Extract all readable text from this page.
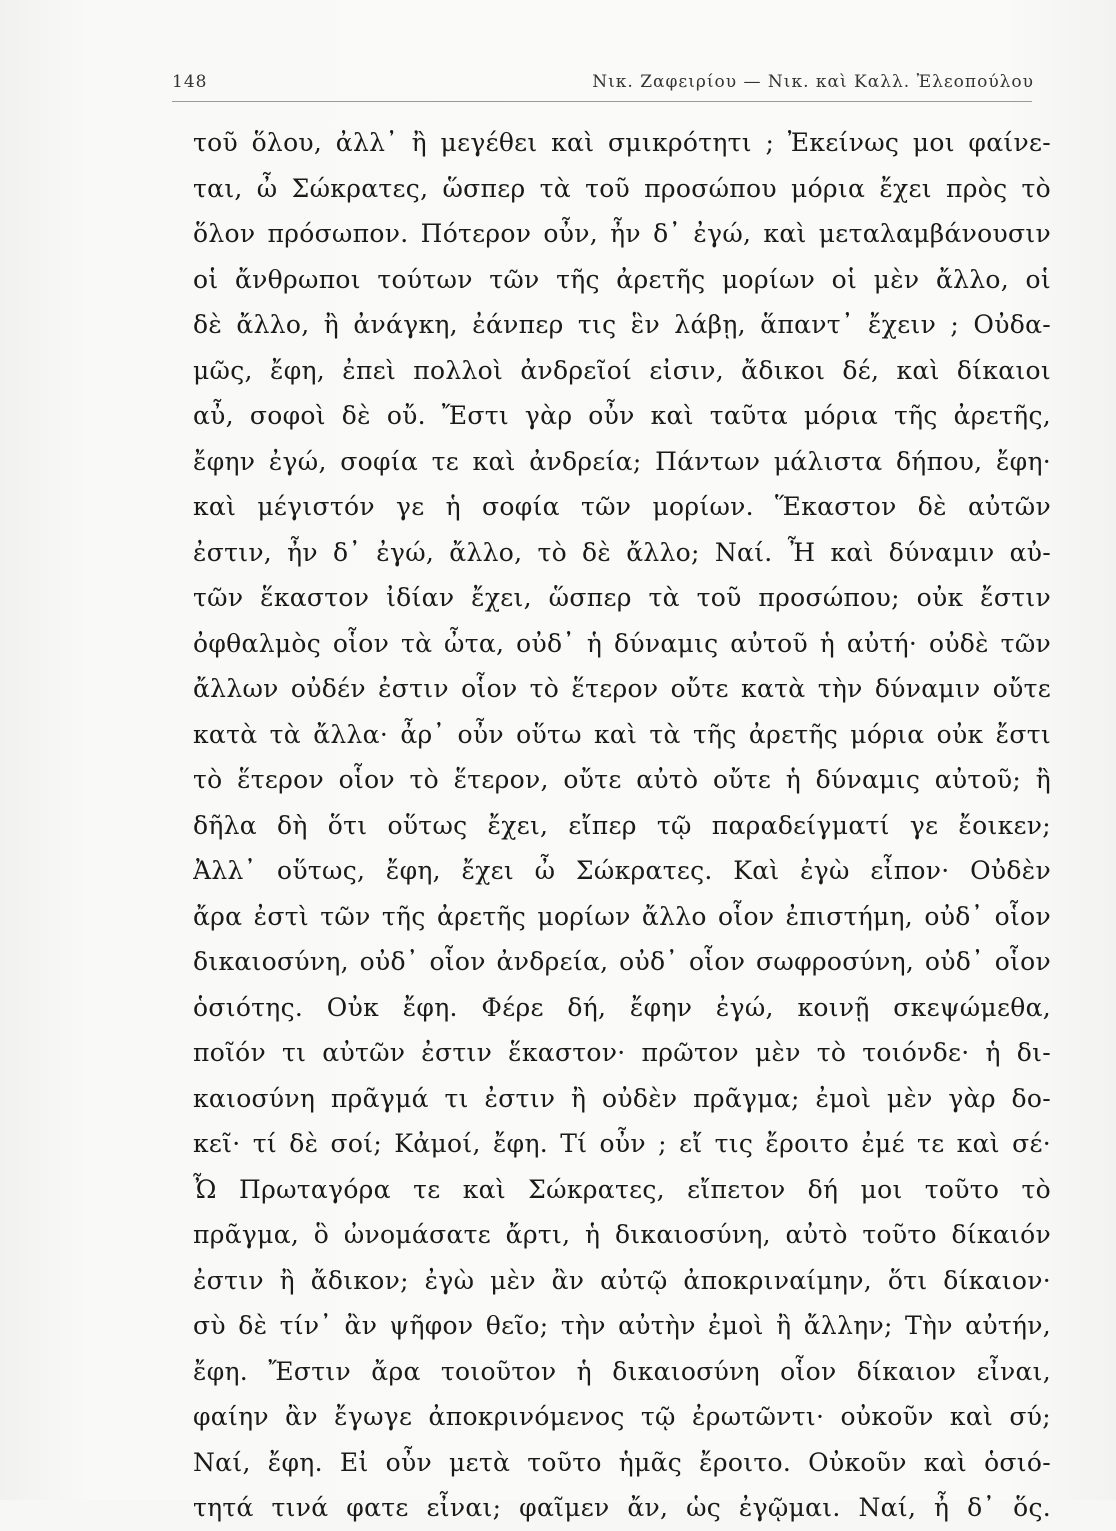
148	Νικ. Ζαφειρίου — Νικ. καὶ Καλλ. Ἐλεοπούλου
τοῦ ὅλου, ἀλλ᾽ ἢ μεγέθει καὶ σμικρότητι ; Ἐκείνως μοι φαίνε-
ται, ὦ Σώκρατες, ὥσπερ τὰ τοῦ προσώπου μόρια ἔχει πρὸς τὸ
ὅλον πρόσωπον. Πότερον οὖν, ἦν δ᾽ ἐγώ, καὶ μεταλαμβάνουσιν
οἱ ἄνθρωποι τούτων τῶν τῆς ἀρετῆς μορίων οἱ μὲν ἄλλο, οἱ
δὲ ἄλλο, ἢ ἀνάγκη, ἐάνπερ τις ἓν λάβῃ, ἅπαντ᾽ ἔχειν ; Οὐδα-
μῶς, ἔφη, ἐπεὶ πολλοὶ ἀνδρεῖοί εἰσιν, ἄδικοι δέ, καὶ δίκαιοι
αὖ, σοφοὶ δὲ οὔ. Ἔστι γὰρ οὖν καὶ ταῦτα μόρια τῆς ἀρετῆς,
ἔφην ἐγώ, σοφία τε καὶ ἀνδρεία; Πάντων μάλιστα δήπου, ἔφη·
καὶ μέγιστόν γε ἡ σοφία τῶν μορίων. Ἕκαστον δὲ αὐτῶν
ἐστιν, ἦν δ᾽ ἐγώ, ἄλλο, τὸ δὲ ἄλλο; Ναί. Ἦ καὶ δύναμιν αὐ-
τῶν ἕκαστον ἰδίαν ἔχει, ὥσπερ τὰ τοῦ προσώπου; οὐκ ἔστιν
ὀφθαλμὸς οἷον τὰ ὦτα, οὐδ᾽ ἡ δύναμις αὐτοῦ ἡ αὐτή· οὐδὲ τῶν
ἄλλων οὐδέν ἐστιν οἷον τὸ ἕτερον οὔτε κατὰ τὴν δύναμιν οὔτε
κατὰ τὰ ἄλλα· ἆρ᾽ οὖν οὕτω καὶ τὰ τῆς ἀρετῆς μόρια οὐκ ἔστι
τὸ ἕτερον οἷον τὸ ἕτερον, οὔτε αὐτὸ οὔτε ἡ δύναμις αὐτοῦ; ἢ
δῆλα δὴ ὅτι οὕτως ἔχει, εἴπερ τῷ παραδείγματί γε ἔοικεν;
Ἀλλ᾽ οὕτως, ἔφη, ἔχει ὦ Σώκρατες. Καὶ ἐγὼ εἶπον· Οὐδὲν
ἄρα ἐστὶ τῶν τῆς ἀρετῆς μορίων ἄλλο οἷον ἐπιστήμη, οὐδ᾽ οἷον
δικαιοσύνη, οὐδ᾽ οἷον ἀνδρεία, οὐδ᾽ οἷον σωφροσύνη, οὐδ᾽ οἷον
ὁσιότης. Οὐκ ἔφη. Φέρε δή, ἔφην ἐγώ, κοινῇ σκεψώμεθα,
ποῖόν τι αὐτῶν ἐστιν ἕκαστον· πρῶτον μὲν τὸ τοιόνδε· ἡ δι-
καιοσύνη πρᾶγμά τι ἐστιν ἢ οὐδὲν πρᾶγμα; ἐμοὶ μὲν γὰρ δο-
κεῖ· τί δὲ σοί; Κἀμοί, ἔφη. Τί οὖν ; εἴ τις ἔροιτο ἐμέ τε καὶ σέ·
Ὦ Πρωταγόρα τε καὶ Σώκρατες, εἴπετον δή μοι τοῦτο τὸ
πρᾶγμα, ὃ ὠνομάσατε ἄρτι, ἡ δικαιοσύνη, αὐτὸ τοῦτο δίκαιόν
ἐστιν ἢ ἄδικον; ἐγὼ μὲν ἂν αὐτῷ ἀποκριναίμην, ὅτι δίκαιον·
σὺ δὲ τίν᾽ ἂν ψῆφον θεῖο; τὴν αὐτὴν ἐμοὶ ἢ ἄλλην; Τὴν αὐτήν,
ἔφη. Ἔστιν ἄρα τοιοῦτον ἡ δικαιοσύνη οἷον δίκαιον εἶναι,
φαίην ἂν ἔγωγε ἀποκρινόμενος τῷ ἐρωτῶντι· οὐκοῦν καὶ σύ;
Ναί, ἔφη. Εἰ οὖν μετὰ τοῦτο ἡμᾶς ἔροιτο. Οὐκοῦν καὶ ὁσιό-
τητά τινά φατε εἶναι; φαῖμεν ἄν, ὡς ἐγῷμαι. Ναί, ἦ δ᾽ ὅς.
